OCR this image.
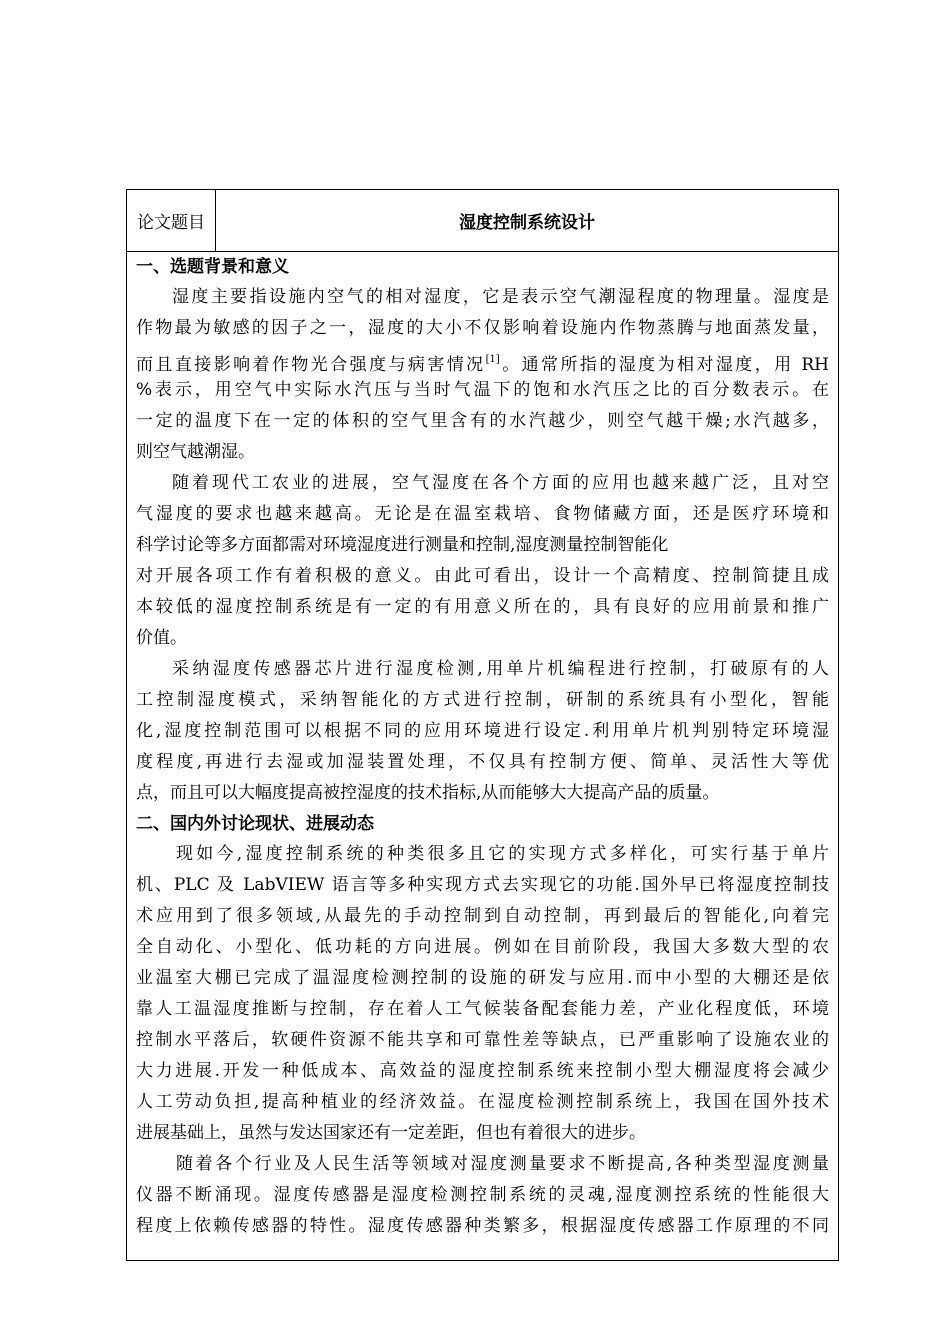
论文题目	湿度控制系统设计
一、选题背景和意义
湿度主要指设施内空气的相对湿度，它是表示空气潮湿程度的物理量。湿度是
作物最为敏感的因子之一，湿度的大小不仅影响着设施内作物蒸腾与地面蒸发量，
而且直接影响着作物光合强度与病害情况[1]。通常所指的湿度为相对湿度，用 RH
%表示，用空气中实际水汽压与当时气温下的饱和水汽压之比的百分数表示。在
一定的温度下在一定的体积的空气里含有的水汽越少，则空气越干燥;水汽越多，
则空气越潮湿。
随着现代工农业的进展，空气湿度在各个方面的应用也越来越广泛，且对空
气湿度的要求也越来越高。无论是在温室栽培、食物储藏方面，还是医疗环境和
科学讨论等多方面都需对环境湿度进行测量和控制,湿度测量控制智能化
对开展各项工作有着积极的意义。由此可看出，设计一个高精度、控制简捷且成
本较低的湿度控制系统是有一定的有用意义所在的，具有良好的应用前景和推广
价值。
采纳湿度传感器芯片进行湿度检测,用单片机编程进行控制，打破原有的人
工控制湿度模式，采纳智能化的方式进行控制，研制的系统具有小型化，智能
化,湿度控制范围可以根据不同的应用环境进行设定.利用单片机判别特定环境湿
度程度,再进行去湿或加湿装置处理，不仅具有控制方便、简单、灵活性大等优
点，而且可以大幅度提高被控湿度的技术指标,从而能够大大提高产品的质量。
二、国内外讨论现状、进展动态
现如今,湿度控制系统的种类很多且它的实现方式多样化，可实行基于单片
机、PLC 及 LabVIEW 语言等多种实现方式去实现它的功能.国外早已将湿度控制技
术应用到了很多领域,从最先的手动控制到自动控制，再到最后的智能化,向着完
全自动化、小型化、低功耗的方向进展。例如在目前阶段，我国大多数大型的农
业温室大棚已完成了温湿度检测控制的设施的研发与应用.而中小型的大棚还是依
靠人工温湿度推断与控制，存在着人工气候装备配套能力差，产业化程度低，环境
控制水平落后，软硬件资源不能共享和可靠性差等缺点，已严重影响了设施农业的
大力进展.开发一种低成本、高效益的湿度控制系统来控制小型大棚湿度将会减少
人工劳动负担,提高种植业的经济效益。在湿度检测控制系统上，我国在国外技术
进展基础上，虽然与发达国家还有一定差距，但也有着很大的进步。
随着各个行业及人民生活等领域对湿度测量要求不断提高,各种类型湿度测量
仪器不断涌现。湿度传感器是湿度检测控制系统的灵魂,湿度测控系统的性能很大
程度上依赖传感器的特性。湿度传感器种类繁多，根据湿度传感器工作原理的不同
